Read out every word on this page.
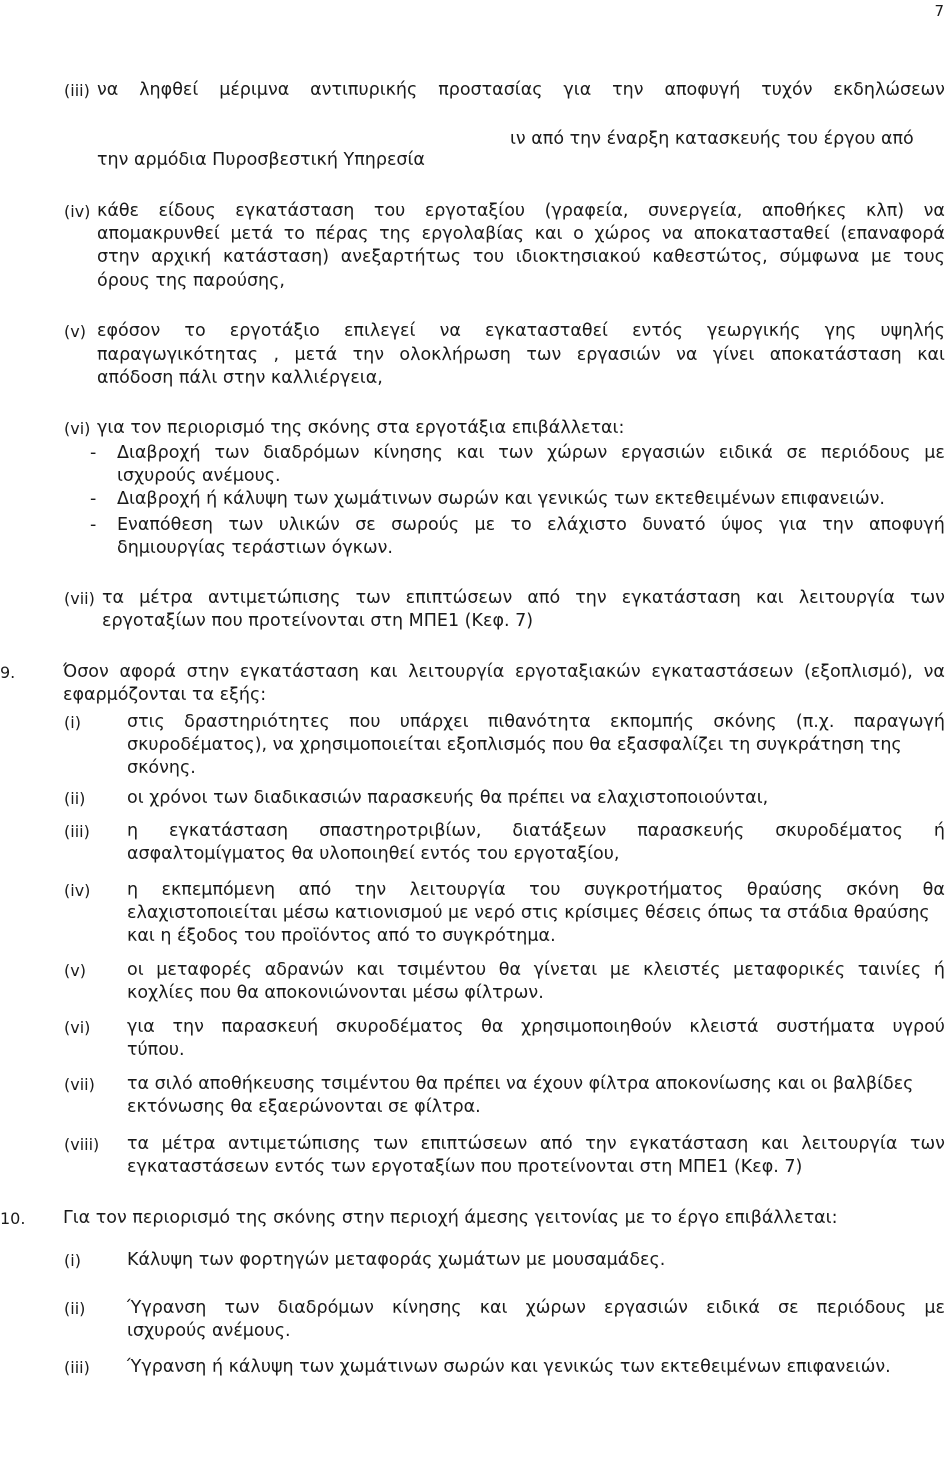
7
(iii) να ληφθεί μέριμνα αντιπυρικής προστασίας για την αποφυγή τυχόν εκδηλώσεων
ιν από την έναρξη κατασκευής του έργου από
την αρμόδια Πυροσβεστική Υπηρεσία
(iv) κάθε είδους εγκατάσταση του εργοταξίου (γραφεία, συνεργεία, αποθήκες κλπ) να
απομακρυνθεί μετά το πέρας της εργολαβίας και ο χώρος να αποκατασταθεί (επαναφορά
στην αρχική κατάσταση) ανεξαρτήτως του ιδιοκτησιακού καθεστώτος, σύμφωνα με τους
όρους της παρούσης,
(v) εφόσον το εργοτάξιο επιλεγεί να εγκατασταθεί εντός γεωργικής γης υψηλής
παραγωγικότητας , μετά την ολοκλήρωση των εργασιών να γίνει αποκατάσταση και
απόδοση πάλι στην καλλιέργεια,
(vi) για τον περιορισμό της σκόνης στα εργοτάξια επιβάλλεται:
- Διαβροχή των διαδρόμων κίνησης και των χώρων εργασιών ειδικά σε περιόδους με
ισχυρούς ανέμους.
- Διαβροχή ή κάλυψη των χωμάτινων σωρών και γενικώς των εκτεθειμένων επιφανειών.
- Εναπόθεση των υλικών σε σωρούς με το ελάχιστο δυνατό ύψος για την αποφυγή
δημιουργίας τεράστιων όγκων.
(vii) τα μέτρα αντιμετώπισης των επιπτώσεων από την εγκατάσταση και λειτουργία των
εργοταξίων που προτείνονται στη ΜΠΕ1 (Κεφ. 7)
9.	Όσον αφορά στην εγκατάσταση και λειτουργία εργοταξιακών εγκαταστάσεων (εξοπλισμό), να
εφαρμόζονται τα εξής:
(i)	στις δραστηριότητες που υπάρχει πιθανότητα εκπομπής σκόνης (π.χ. παραγωγή
σκυροδέματος), να χρησιμοποιείται εξοπλισμός που θα εξασφαλίζει τη συγκράτηση της
σκόνης.
(ii) οι χρόνοι των διαδικασιών παρασκευής θα πρέπει να ελαχιστοποιούνται,
(iii) η εγκατάσταση σπαστηροτριβίων, διατάξεων παρασκευής σκυροδέματος ή
ασφαλτομίγματος θα υλοποιηθεί εντός του εργοταξίου,
(iv) η εκπεμπόμενη από την λειτουργία του συγκροτήματος θραύσης σκόνη θα
ελαχιστοποιείται μέσω κατιονισμού με νερό στις κρίσιμες θέσεις όπως τα στάδια θραύσης
και η έξοδος του προϊόντος από το συγκρότημα.
(v) οι μεταφορές αδρανών και τσιμέντου θα γίνεται με κλειστές μεταφορικές ταινίες ή
κοχλίες που θα αποκονιώνονται μέσω φίλτρων.
(vi) για την παρασκευή σκυροδέματος θα χρησιμοποιηθούν κλειστά συστήματα υγρού
τύπου.
(vii) τα σιλό αποθήκευσης τσιμέντου θα πρέπει να έχουν φίλτρα αποκονίωσης και οι βαλβίδες
εκτόνωσης θα εξαερώνονται σε φίλτρα.
(viii) τα μέτρα αντιμετώπισης των επιπτώσεων από την εγκατάσταση και λειτουργία των
εγκαταστάσεων εντός των εργοταξίων που προτείνονται στη ΜΠΕ1 (Κεφ. 7)
10. Για τον περιορισμό της σκόνης στην περιοχή άμεσης γειτονίας με το έργο επιβάλλεται:
(i)	Κάλυψη των φορτηγών μεταφοράς χωμάτων με μουσαμάδες.
(ii) Ύγρανση των διαδρόμων κίνησης και χώρων εργασιών ειδικά σε περιόδους με
ισχυρούς ανέμους.
(iii) Ύγρανση ή κάλυψη των χωμάτινων σωρών και γενικώς των εκτεθειμένων επιφανειών.
